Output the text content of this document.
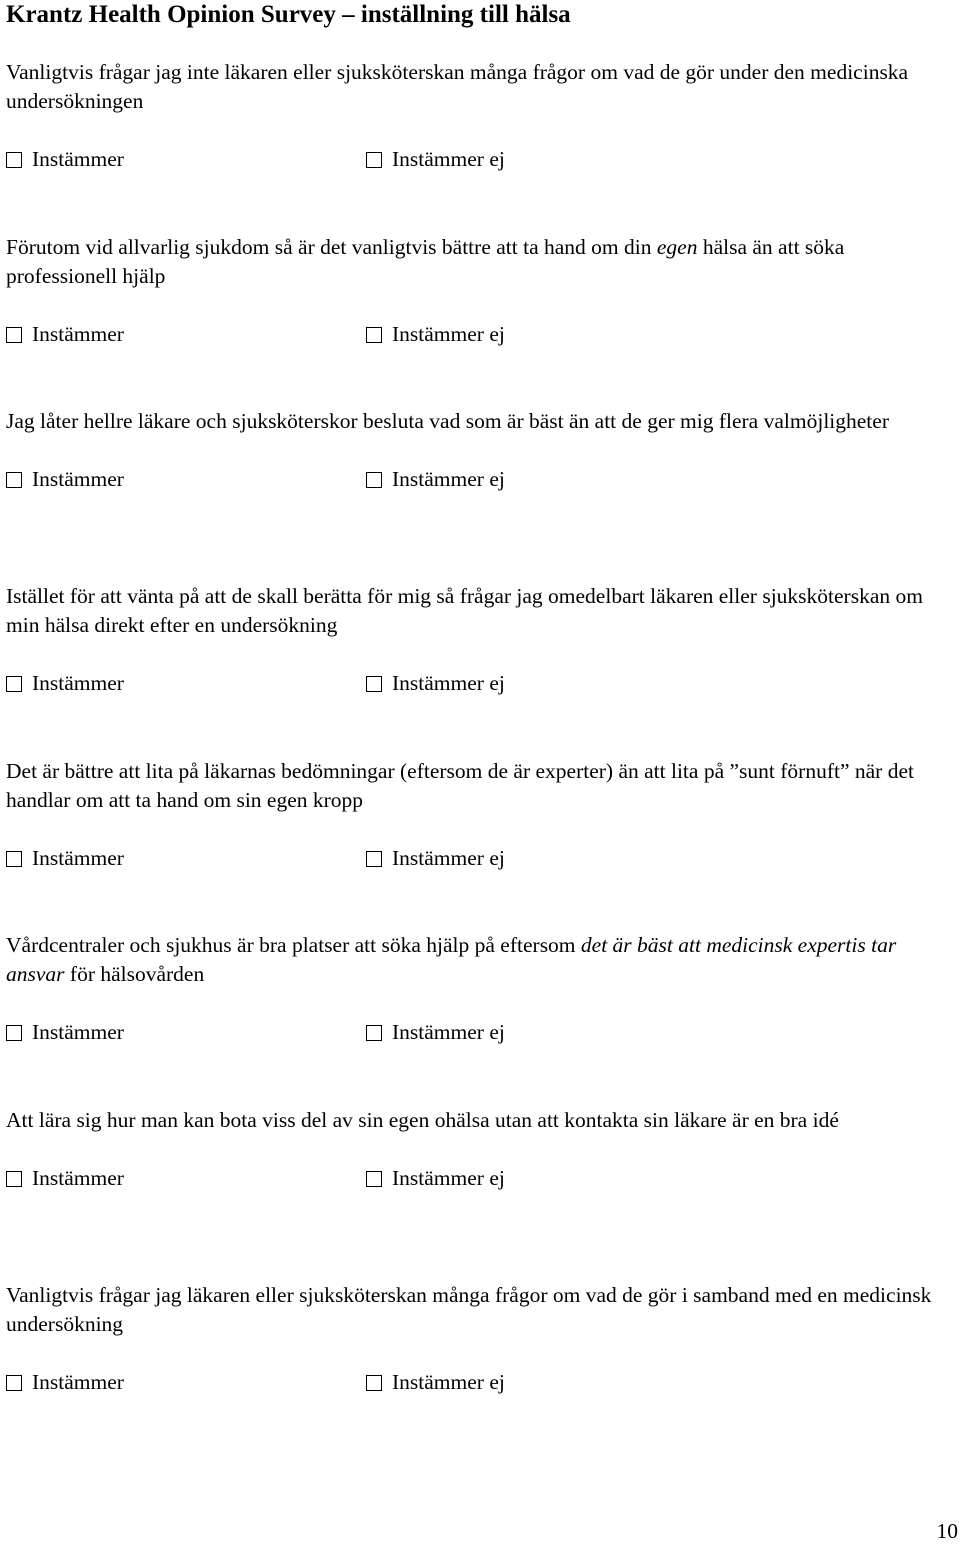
Krantz Health Opinion Survey – inställning till hälsa

Vanligtvis frågar jag inte läkaren eller sjuksköterskan många frågor om vad de gör under den medicinska undersökningen

Instämmer	Instämmer ej

Förutom vid allvarlig sjukdom så är det vanligtvis bättre att ta hand om din egen hälsa än att söka professionell hjälp

Instämmer	Instämmer ej

Jag låter hellre läkare och sjuksköterskor besluta vad som är bäst än att de ger mig flera valmöjligheter

Instämmer	Instämmer ej

Istället för att vänta på att de skall berätta för mig så frågar jag omedelbart läkaren eller sjuksköterskan om min hälsa direkt efter en undersökning

Instämmer	Instämmer ej

Det är bättre att lita på läkarnas bedömningar (eftersom de är experter) än att lita på ”sunt förnuft” när det handlar om att ta hand om sin egen kropp

Instämmer	Instämmer ej

Vårdcentraler och sjukhus är bra platser att söka hjälp på eftersom det är bäst att medicinsk expertis tar ansvar för hälsovården

Instämmer	Instämmer ej

Att lära sig hur man kan bota viss del av sin egen ohälsa utan att kontakta sin läkare är en bra idé

Instämmer	Instämmer ej

Vanligtvis frågar jag läkaren eller sjuksköterskan många frågor om vad de gör i samband med en medicinsk undersökning

Instämmer	Instämmer ej
10
